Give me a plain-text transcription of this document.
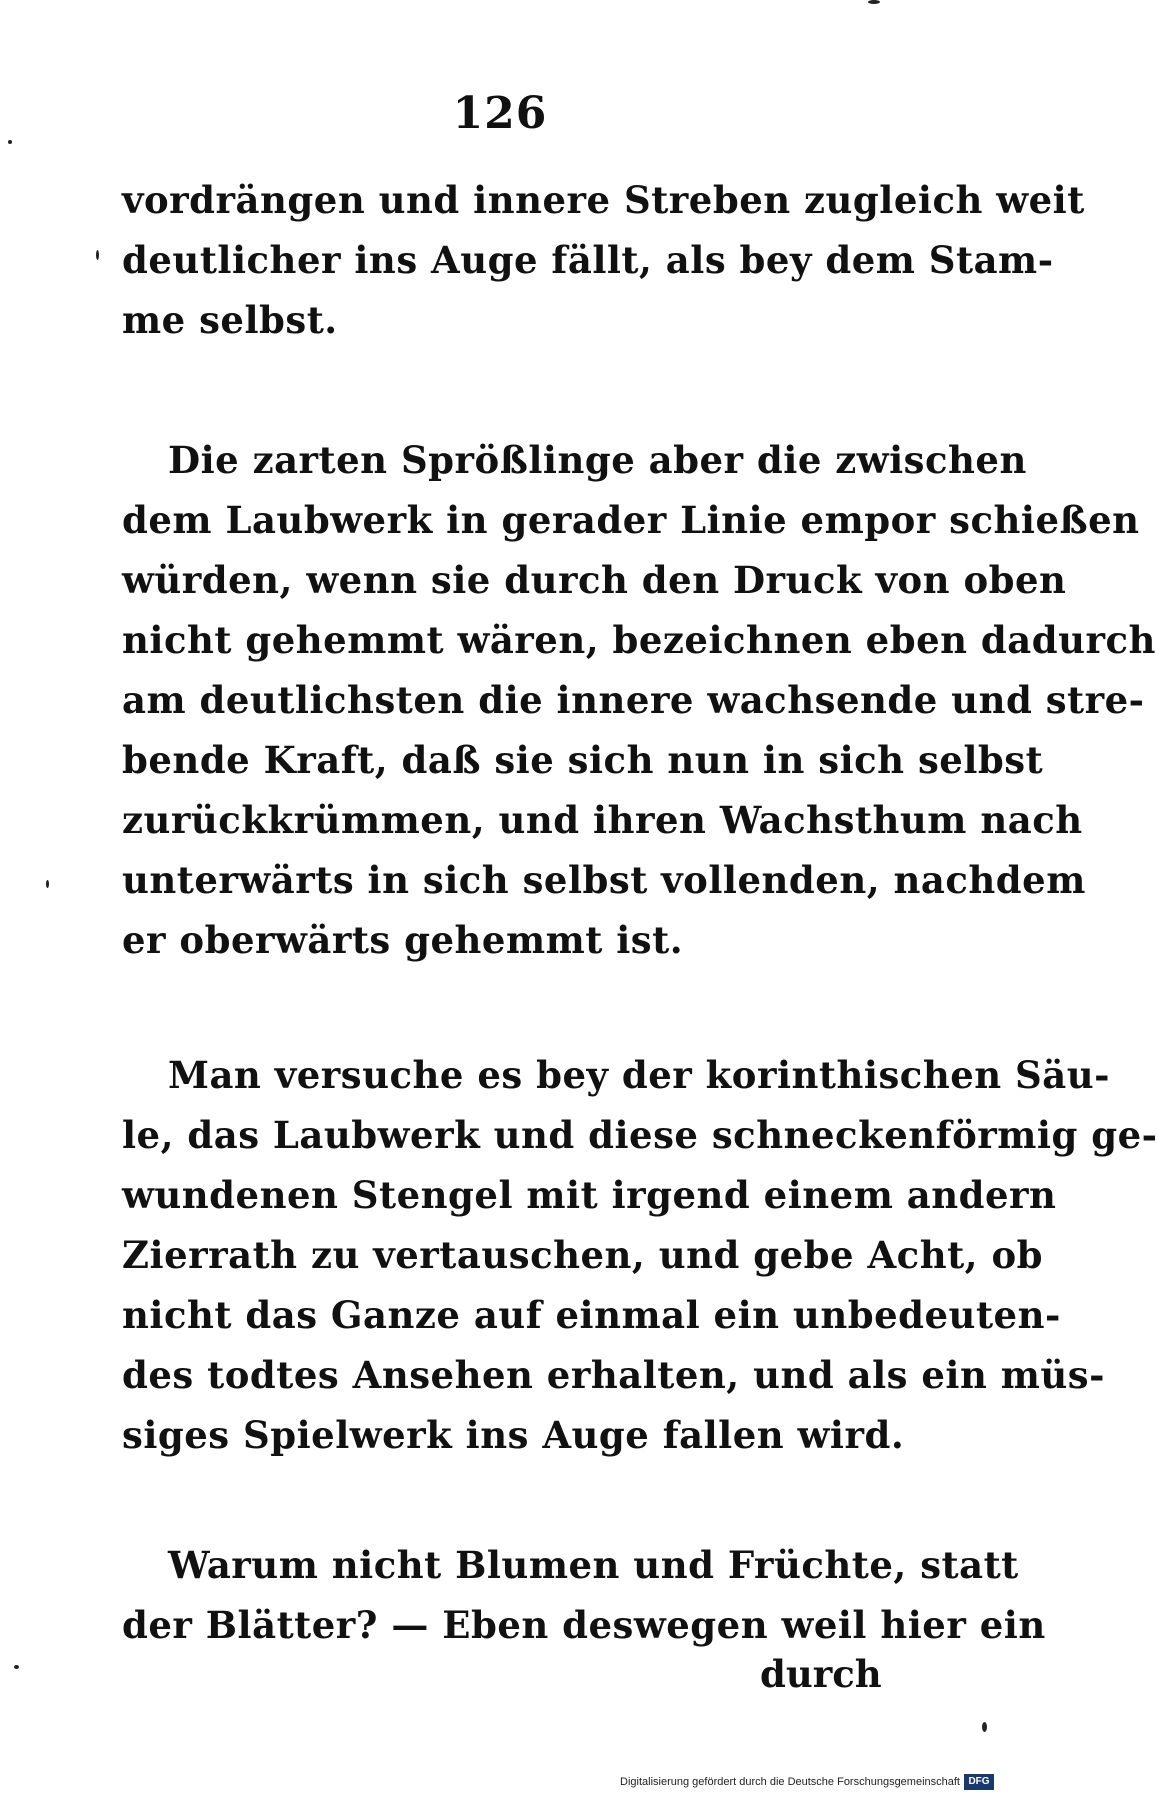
126
vordrängen und innere Streben zugleich weit
deutlicher ins Auge fällt, als bey dem Stam-
me selbst.
Die zarten Sprößlinge aber die zwischen
dem Laubwerk in gerader Linie empor schießen
würden, wenn sie durch den Druck von oben
nicht gehemmt wären, bezeichnen eben dadurch
am deutlichsten die innere wachsende und stre-
bende Kraft, daß sie sich nun in sich selbst
zurückkrümmen, und ihren Wachsthum nach
unterwärts in sich selbst vollenden, nachdem
er oberwärts gehemmt ist.
Man versuche es bey der korinthischen Säu-
le, das Laubwerk und diese schneckenförmig ge-
wundenen Stengel mit irgend einem andern
Zierrath zu vertauschen, und gebe Acht, ob
nicht das Ganze auf einmal ein unbedeuten-
des todtes Ansehen erhalten, und als ein müs-
siges Spielwerk ins Auge fallen wird.
Warum nicht Blumen und Früchte, statt
der Blätter? — Eben deswegen weil hier ein
durch
Digitalisierung gefördert durch die Deutsche Forschungsgemeinschaft DFG
